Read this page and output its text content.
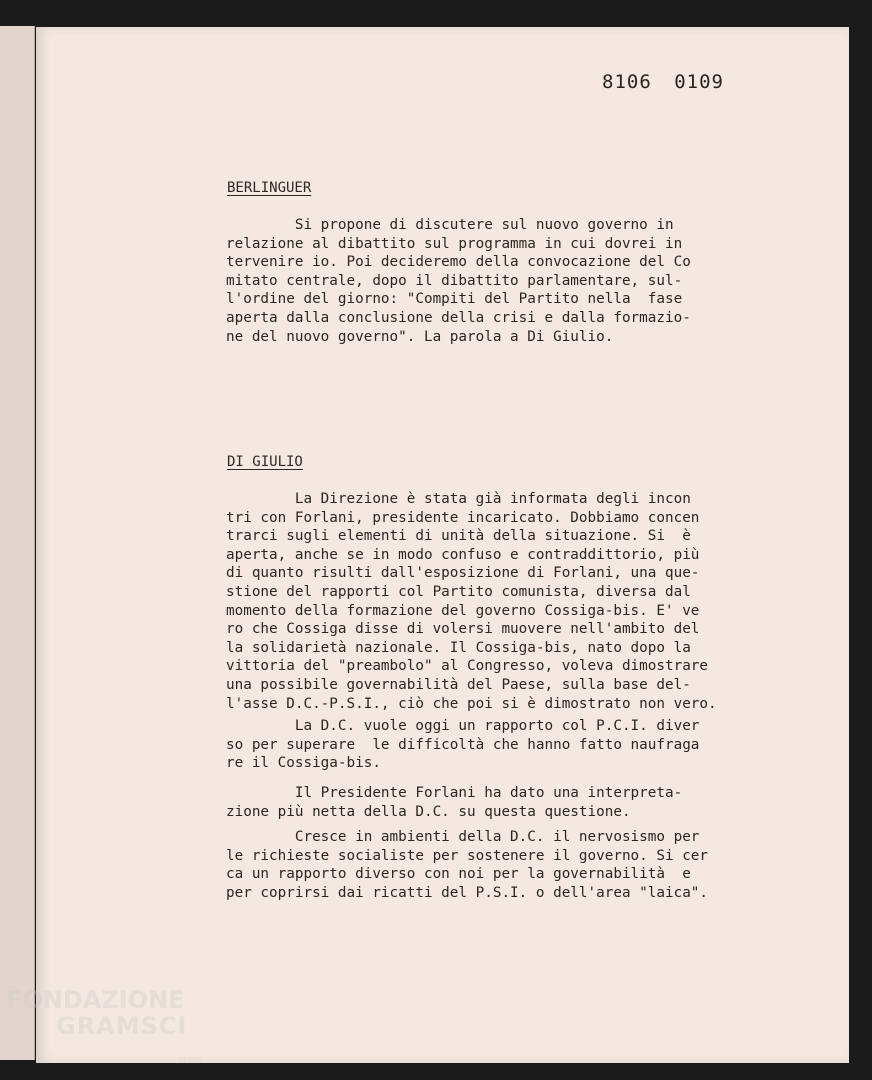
8106 0109
BERLINGUER
Si propone di discutere sul nuovo governo in
relazione al dibattito sul programma in cui dovrei in
tervenire io. Poi decideremo della convocazione del Co
mitato centrale, dopo il dibattito parlamentare, sul-
l'ordine del giorno: "Compiti del Partito nella  fase
aperta dalla conclusione della crisi e dalla formazio-
ne del nuovo governo". La parola a Di Giulio.
DI GIULIO
La Direzione è stata già informata degli incon
tri con Forlani, presidente incaricato. Dobbiamo concen
trarci sugli elementi di unità della situazione. Si  è
aperta, anche se in modo confuso e contraddittorio, più
di quanto risulti dall'esposizione di Forlani, una que-
stione del rapporti col Partito comunista, diversa dal
momento della formazione del governo Cossiga-bis. E' ve
ro che Cossiga disse di volersi muovere nell'ambito del
la solidarietà nazionale. Il Cossiga-bis, nato dopo la
vittoria del "preambolo" al Congresso, voleva dimostrare
una possibile governabilità del Paese, sulla base del-
l'asse D.C.-P.S.I., ciò che poi si è dimostrato non vero.
La D.C. vuole oggi un rapporto col P.C.I. diver
so per superare  le difficoltà che hanno fatto naufraga
re il Cossiga-bis.
Il Presidente Forlani ha dato una interpreta-
zione più netta della D.C. su questa questione.
Cresce in ambienti della D.C. il nervosismo per
le richieste socialiste per sostenere il governo. Si cer
ca un rapporto diverso con noi per la governabilità  e
per coprirsi dai ricatti del P.S.I. o dell'area "laica".
FONDAZIONE
GRAMSCI
onlus
